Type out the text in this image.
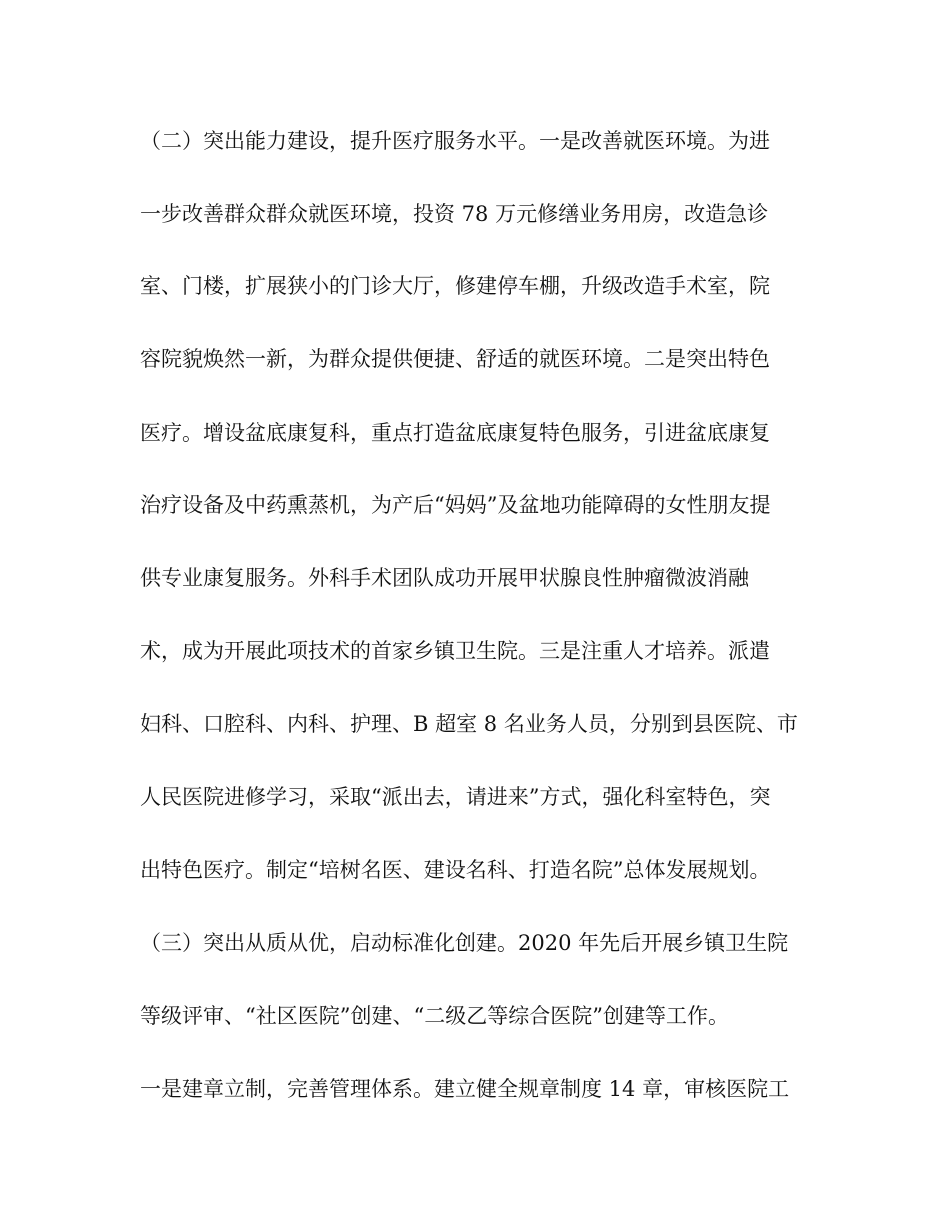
（二）突出能力建设，提升医疗服务水平。一是改善就医环境。为进
一步改善群众群众就医环境，投资 78 万元修缮业务用房，改造急诊
室、门楼，扩展狭小的门诊大厅，修建停车棚，升级改造手术室，院
容院貌焕然一新，为群众提供便捷、舒适的就医环境。二是突出特色
医疗。增设盆底康复科，重点打造盆底康复特色服务，引进盆底康复
治疗设备及中药熏蒸机，为产后“妈妈”及盆地功能障碍的女性朋友提
供专业康复服务。外科手术团队成功开展甲状腺良性肿瘤微波消融
术，成为开展此项技术的首家乡镇卫生院。三是注重人才培养。派遣
妇科、口腔科、内科、护理、B 超室 8 名业务人员，分别到县医院、市
人民医院进修学习，采取“派出去，请进来”方式，强化科室特色，突
出特色医疗。制定“培树名医、建设名科、打造名院”总体发展规划。
（三）突出从质从优，启动标准化创建。2020 年先后开展乡镇卫生院
等级评审、“社区医院”创建、“二级乙等综合医院”创建等工作。
一是建章立制，完善管理体系。建立健全规章制度 14 章，审核医院工
